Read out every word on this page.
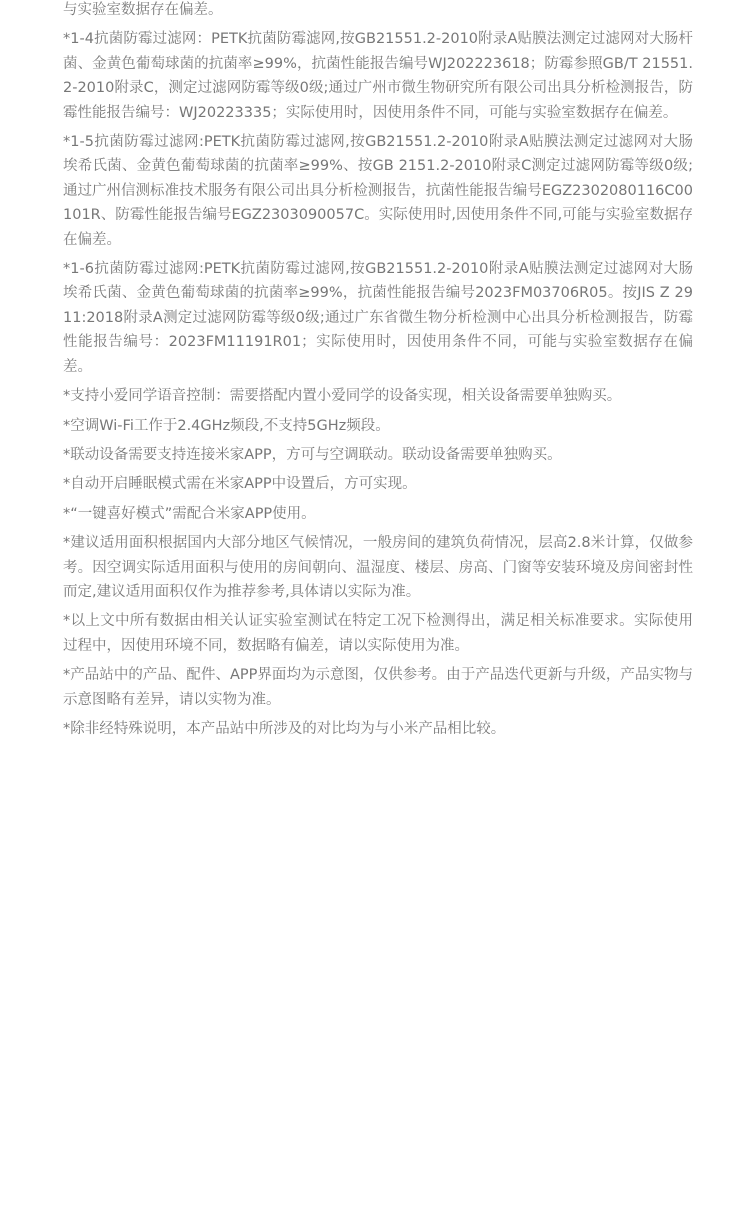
与实验室数据存在偏差。

*1-4抗菌防霉过滤网：PETK抗菌防霉滤网,按GB21551.2-2010附录A贴膜法测定过滤网对大肠杆菌、金黄色葡萄球菌的抗菌率≥99%，抗菌性能报告编号WJ202223618；防霉参照GB/T 21551.2-2010附录C，测定过滤网防霉等级0级;通过广州市微生物研究所有限公司出具分析检测报告，防霉性能报告编号：WJ20223335；实际使用时，因使用条件不同，可能与实验室数据存在偏差。

*1-5抗菌防霉过滤网:PETK抗菌防霉过滤网,按GB21551.2-2010附录A贴膜法测定过滤网对大肠埃希氏菌、金黄色葡萄球菌的抗菌率≥99%、按GB 2151.2-2010附录C测定过滤网防霉等级0级;通过广州信测标准技术服务有限公司出具分析检测报告，抗菌性能报告编号EGZ2302080116C00101R、防霉性能报告编号EGZ2303090057C。实际使用时,因使用条件不同,可能与实验室数据存在偏差。

*1-6抗菌防霉过滤网:PETK抗菌防霉过滤网,按GB21551.2-2010附录A贴膜法测定过滤网对大肠埃希氏菌、金黄色葡萄球菌的抗菌率≥99%，抗菌性能报告编号2023FM03706R05。按JIS Z 2911:2018附录A测定过滤网防霉等级0级;通过广东省微生物分析检测中心出具分析检测报告，防霉性能报告编号：2023FM11191R01；实际使用时，因使用条件不同，可能与实验室数据存在偏差。

*支持小爱同学语音控制：需要搭配内置小爱同学的设备实现，相关设备需要单独购买。

*空调Wi-Fi工作于2.4GHz频段,不支持5GHz频段。

*联动设备需要支持连接米家APP，方可与空调联动。联动设备需要单独购买。

*自动开启睡眠模式需在米家APP中设置后，方可实现。

*“一键喜好模式”需配合米家APP使用。

*建议适用面积根据国内大部分地区气候情况，一般房间的建筑负荷情况，层高2.8米计算，仅做参考。因空调实际适用面积与使用的房间朝向、温湿度、楼层、房高、门窗等安装环境及房间密封性而定,建议适用面积仅作为推荐参考,具体请以实际为准。

*以上文中所有数据由相关认证实验室测试在特定工况下检测得出，满足相关标准要求。实际使用过程中，因使用环境不同，数据略有偏差，请以实际使用为准。

*产品站中的产品、配件、APP界面均为示意图，仅供参考。由于产品迭代更新与升级，产品实物与示意图略有差异，请以实物为准。

*除非经特殊说明，本产品站中所涉及的对比均为与小米产品相比较。
